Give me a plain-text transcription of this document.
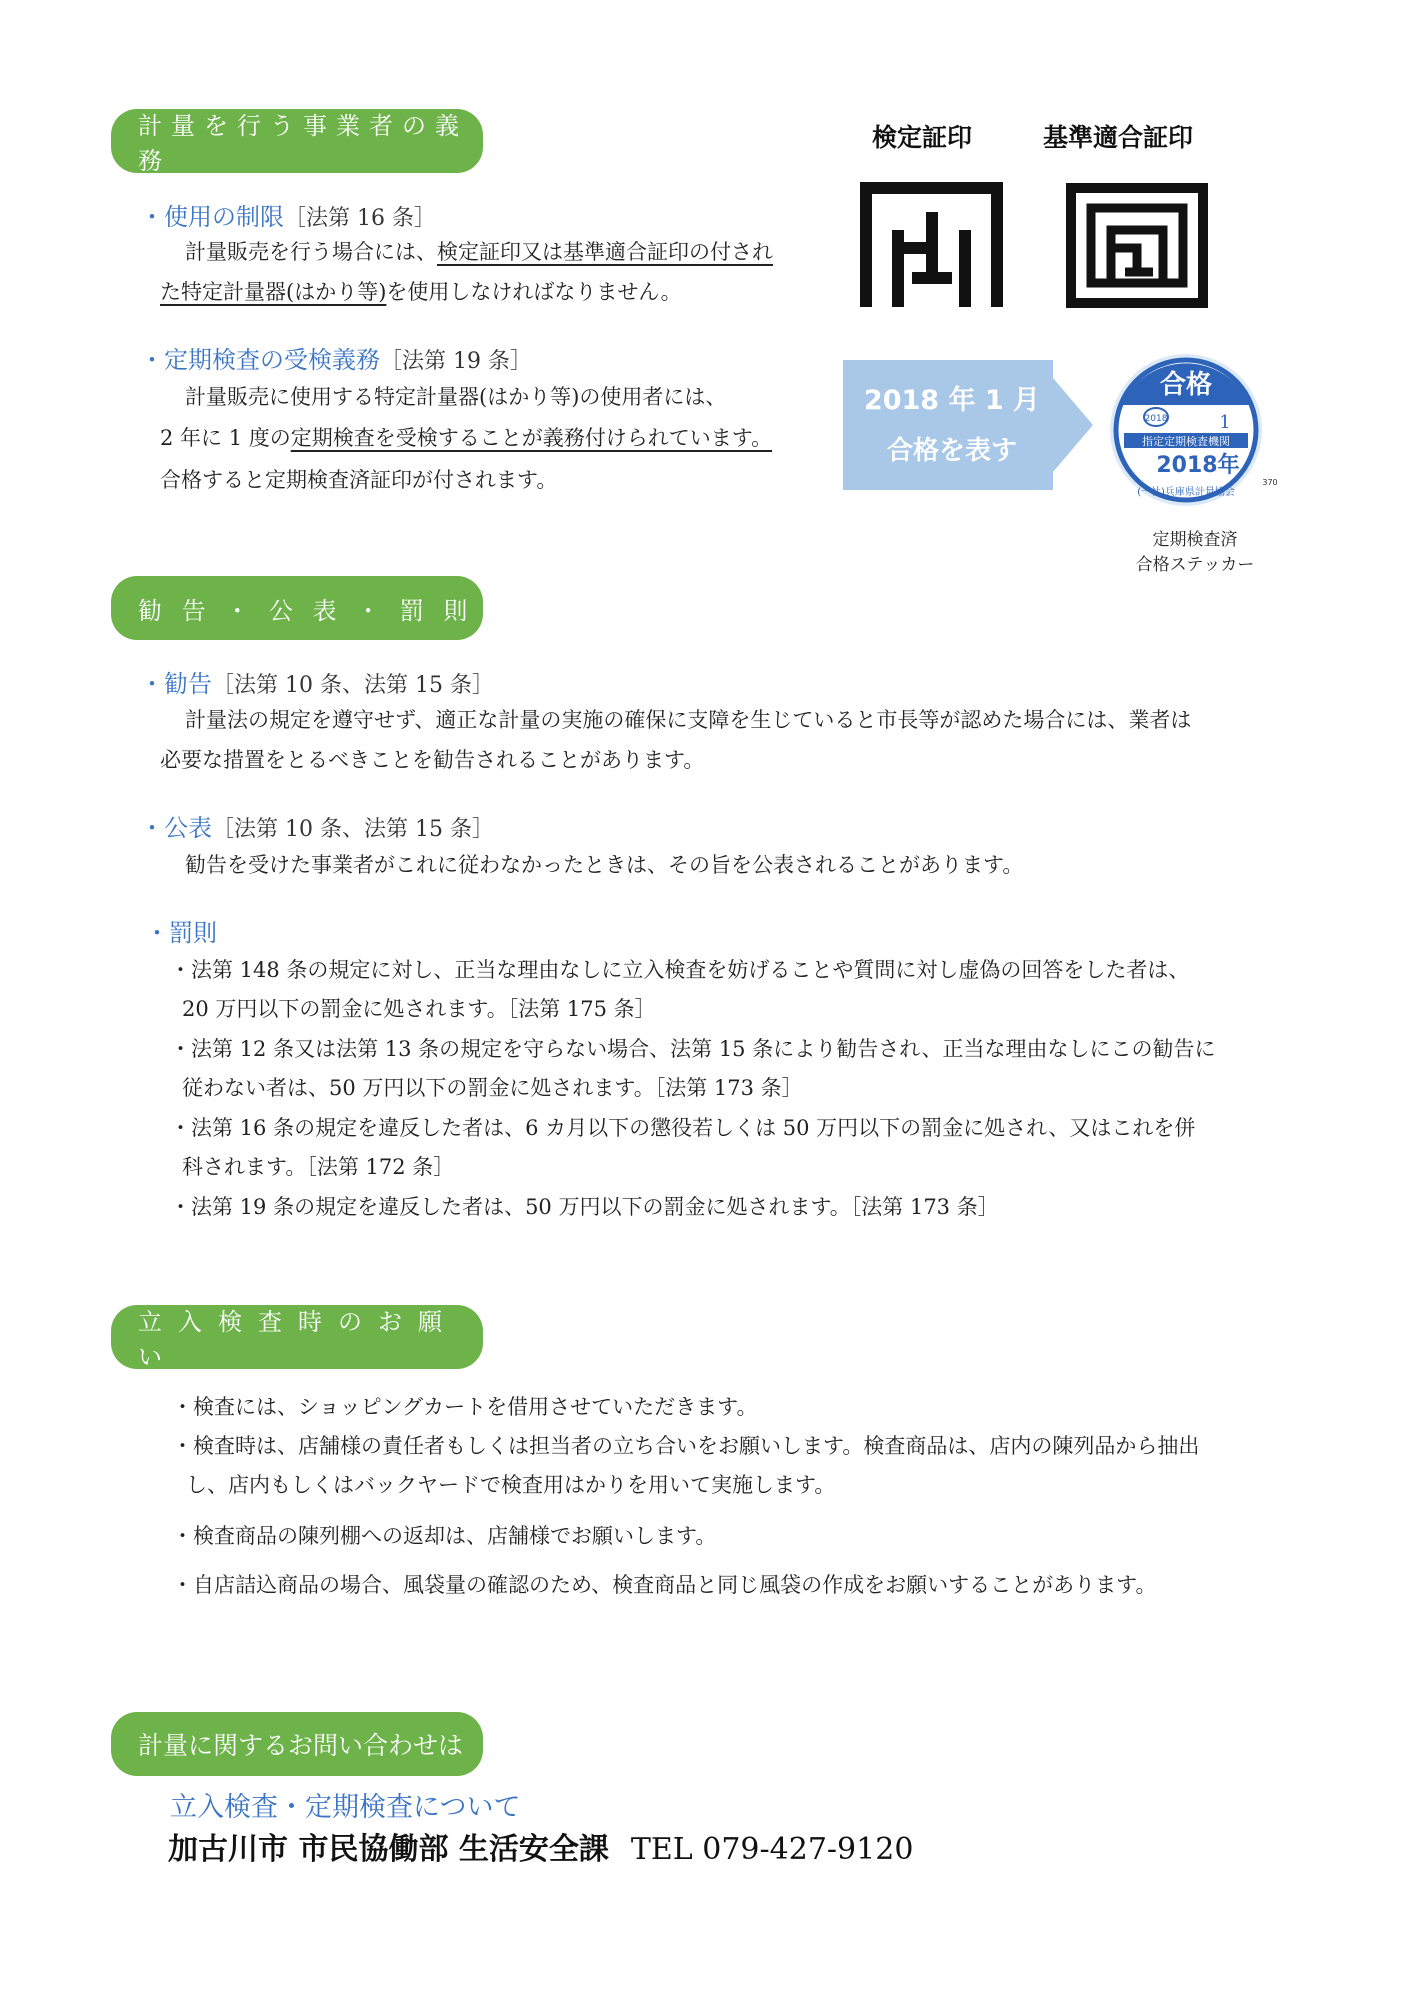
計量を行う事業者の義務
・使用の制限［法第 16 条］
計量販売を行う場合には、検定証印又は基準適合証印の付され
た特定計量器(はかり等)を使用しなければなりません。
・定期検査の受検義務［法第 19 条］
計量販売に使用する特定計量器(はかり等)の使用者には、
2 年に 1 度の定期検査を受検することが義務付けられています。
合格すると定期検査済証印が付されます。
検定証印	基準適合証印
2018 年 1 月
合格を表す
合格
2018	1
指定定期検査機関
2018年
(一社)兵庫県計量協会
370
定期検査済
合格ステッカー
勧 告 ・ 公 表 ・ 罰 則
・勧告［法第 10 条、法第 15 条］
計量法の規定を遵守せず、適正な計量の実施の確保に支障を生じていると市長等が認めた場合には、業者は
必要な措置をとるべきことを勧告されることがあります。
・公表［法第 10 条、法第 15 条］
勧告を受けた事業者がこれに従わなかったときは、その旨を公表されることがあります。
・罰則
・法第 148 条の規定に対し、正当な理由なしに立入検査を妨げることや質問に対し虚偽の回答をした者は、
20 万円以下の罰金に処されます。［法第 175 条］
・法第 12 条又は法第 13 条の規定を守らない場合、法第 15 条により勧告され、正当な理由なしにこの勧告に
従わない者は、50 万円以下の罰金に処されます。［法第 173 条］
・法第 16 条の規定を違反した者は、6 カ月以下の懲役若しくは 50 万円以下の罰金に処され、又はこれを併
科されます。［法第 172 条］
・法第 19 条の規定を違反した者は、50 万円以下の罰金に処されます。［法第 173 条］
立入検査時のお願い
・検査には、ショッピングカートを借用させていただきます。
・検査時は、店舗様の責任者もしくは担当者の立ち合いをお願いします。検査商品は、店内の陳列品から抽出
し、店内もしくはバックヤードで検査用はかりを用いて実施します。
・検査商品の陳列棚への返却は、店舗様でお願いします。
・自店詰込商品の場合、風袋量の確認のため、検査商品と同じ風袋の作成をお願いすることがあります。
計量に関するお問い合わせは
立入検査・定期検査について
加古川市 市民協働部 生活安全課 TEL 079-427-9120
